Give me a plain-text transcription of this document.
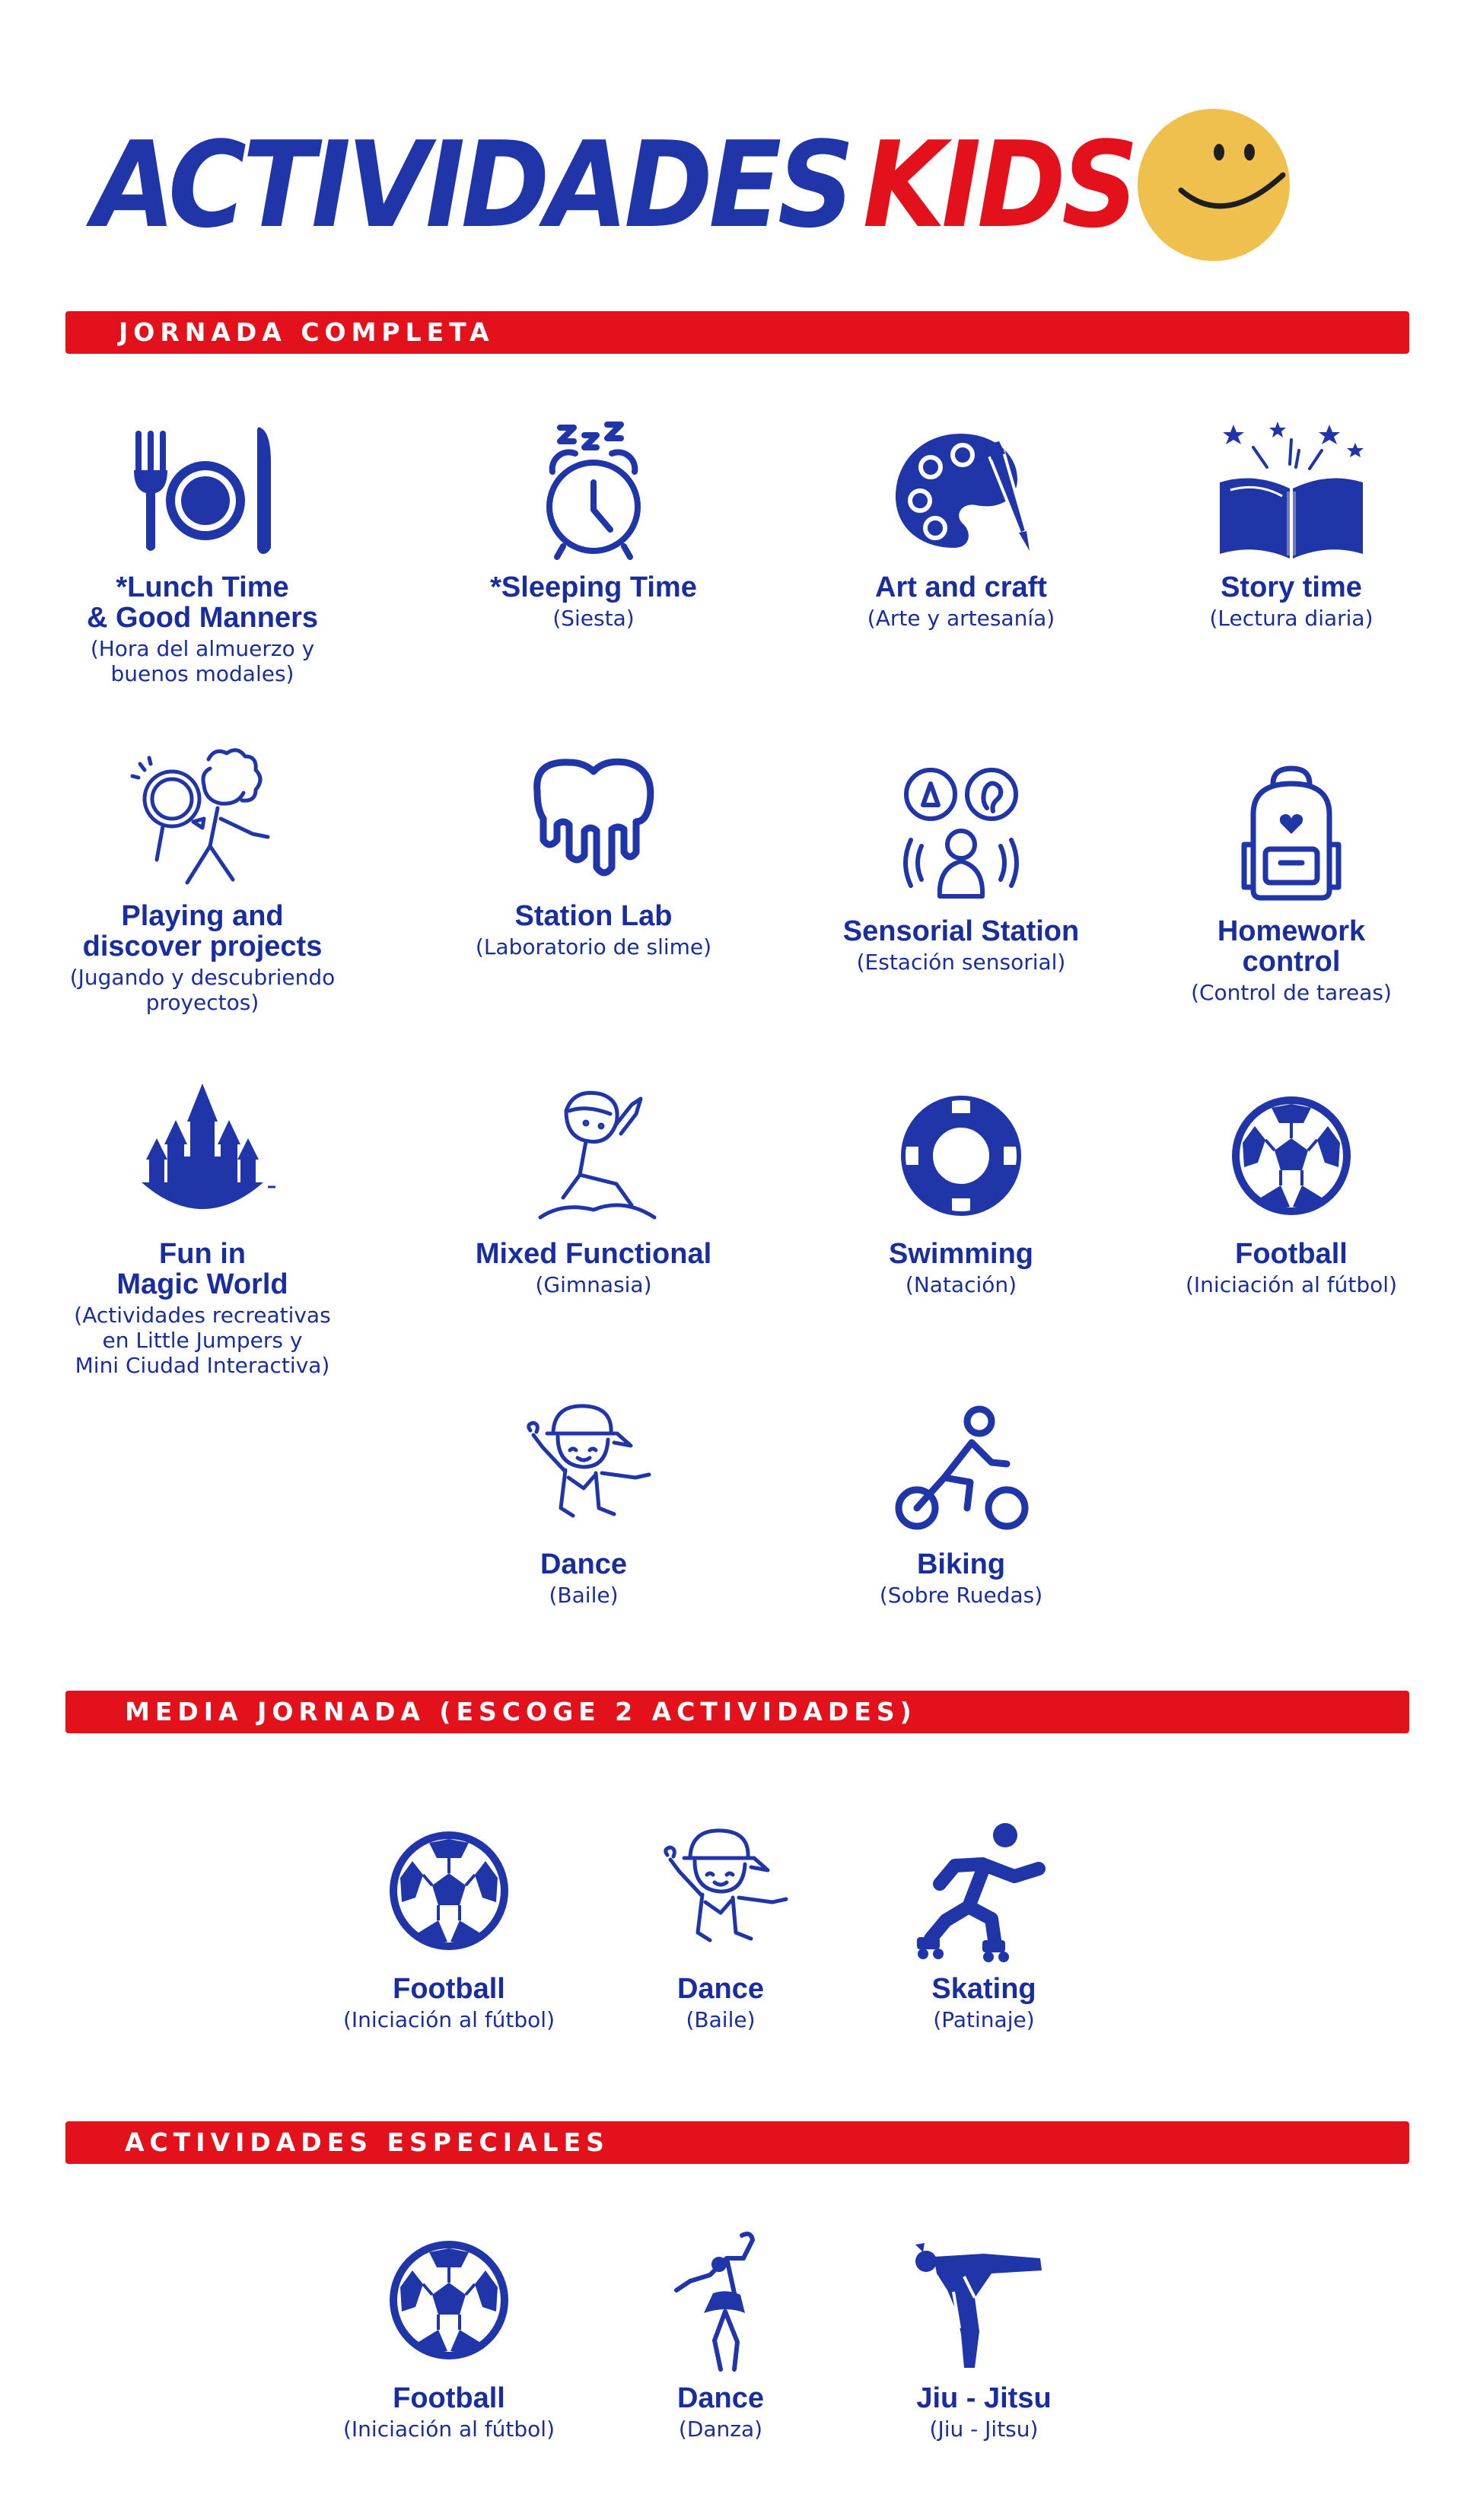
ACTIVIDADES KIDS
JORNADA COMPLETA
*Lunch Time
& Good Manners
(Hora del almuerzo y
buenos modales)
*Sleeping Time
(Siesta)
Art and craft
(Arte y artesanía)
Story time
(Lectura diaria)
Playing and
discover projects
(Jugando y descubriendo
proyectos)
Station Lab
(Laboratorio de slime)	Sensorial Station
(Estación sensorial)
Homework
control
(Control de tareas)
Fun in
Magic World
(Actividades recreativas
en Little Jumpers y
Mini Ciudad Interactiva)
Mixed Functional
(Gimnasia)
Swimming
(Natación)
Football
(Iniciación al fútbol)
Dance
(Baile)
Biking
(Sobre Ruedas)
MEDIA JORNADA (ESCOGE 2 ACTIVIDADES)
Football
(Iniciación al fútbol)
Dance
(Baile)
Skating
(Patinaje)
ACTIVIDADES ESPECIALES
Football
(Iniciación al fútbol)
Dance
(Danza)
Jiu - Jitsu
(Jiu - Jitsu)
